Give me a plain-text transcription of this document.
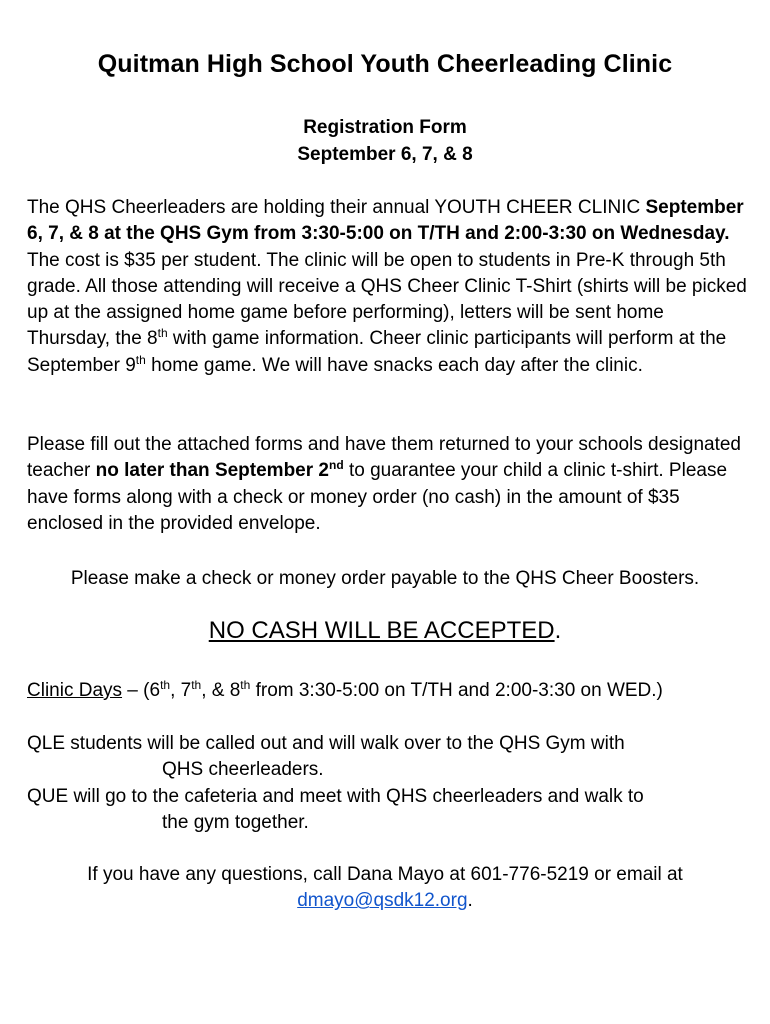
Quitman High School Youth Cheerleading Clinic
Registration Form
September 6, 7, & 8
The QHS Cheerleaders are holding their annual YOUTH CHEER CLINIC September 6, 7, & 8 at the QHS Gym from 3:30-5:00 on T/TH and 2:00-3:30 on Wednesday. The cost is $35 per student. The clinic will be open to students in Pre-K through 5th grade. All those attending will receive a QHS Cheer Clinic T-Shirt (shirts will be picked up at the assigned home game before performing), letters will be sent home Thursday, the 8th with game information. Cheer clinic participants will perform at the September 9th home game. We will have snacks each day after the clinic.
Please fill out the attached forms and have them returned to your schools designated teacher no later than September 2nd to guarantee your child a clinic t-shirt. Please have forms along with a check or money order (no cash) in the amount of $35 enclosed in the provided envelope.
Please make a check or money order payable to the QHS Cheer Boosters.
NO CASH WILL BE ACCEPTED.
Clinic Days – (6th, 7th, & 8th from 3:30-5:00 on T/TH and 2:00-3:30 on WED.)
QLE students will be called out and will walk over to the QHS Gym with
QHS cheerleaders.
QUE will go to the cafeteria and meet with QHS cheerleaders and walk to
the gym together.
If you have any questions, call Dana Mayo at 601-776-5219 or email at
dmayo@qsdk12.org.
